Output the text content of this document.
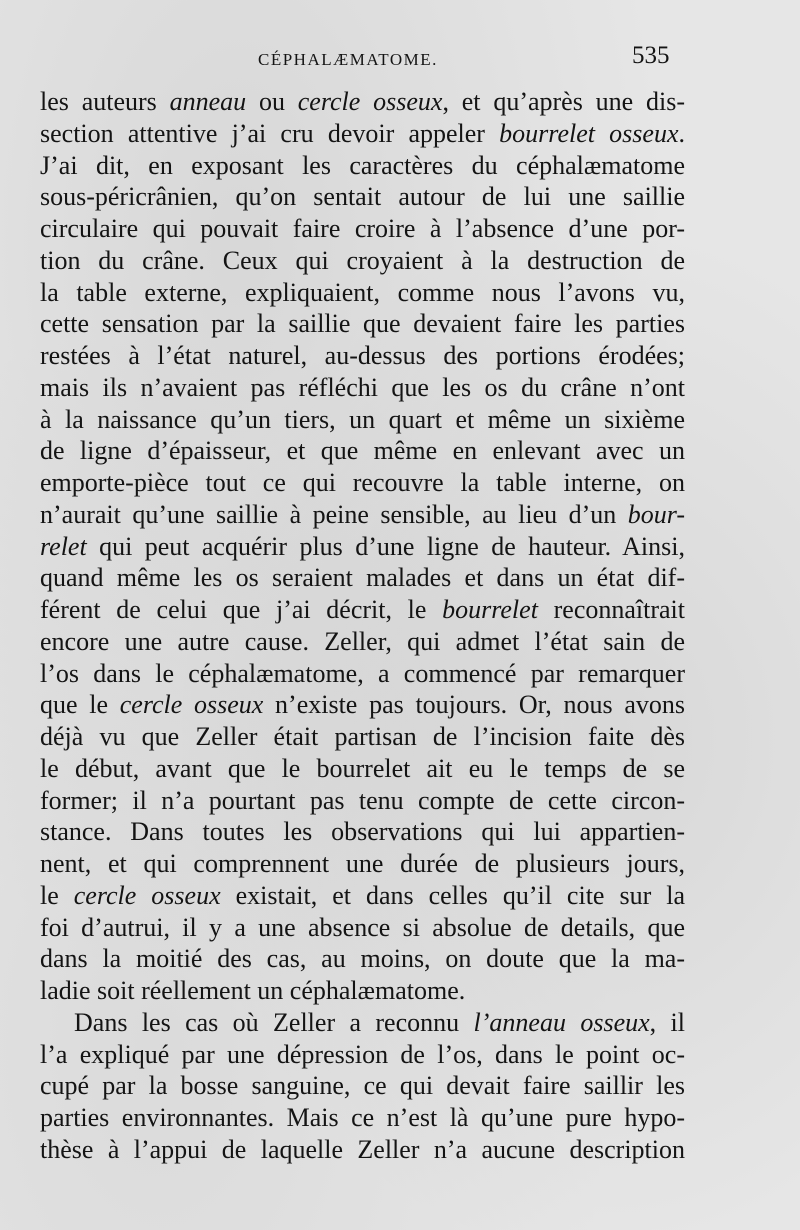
CÉPHALÆMATOME.	535
les auteurs anneau ou cercle osseux, et qu’après une dis-
section attentive j’ai cru devoir appeler bourrelet osseux.
J’ai dit, en exposant les caractères du céphalæmatome
sous-péricrânien, qu’on sentait autour de lui une saillie
circulaire qui pouvait faire croire à l’absence d’une por-
tion du crâne. Ceux qui croyaient à la destruction de
la table externe, expliquaient, comme nous l’avons vu,
cette sensation par la saillie que devaient faire les parties
restées à l’état naturel, au-dessus des portions érodées;
mais ils n’avaient pas réfléchi que les os du crâne n’ont
à la naissance qu’un tiers, un quart et même un sixième
de ligne d’épaisseur, et que même en enlevant avec un
emporte-pièce tout ce qui recouvre la table interne, on
n’aurait qu’une saillie à peine sensible, au lieu d’un bour-
relet qui peut acquérir plus d’une ligne de hauteur. Ainsi,
quand même les os seraient malades et dans un état dif-
férent de celui que j’ai décrit, le bourrelet reconnaîtrait
encore une autre cause. Zeller, qui admet l’état sain de
l’os dans le céphalæmatome, a commencé par remarquer
que le cercle osseux n’existe pas toujours. Or, nous avons
déjà vu que Zeller était partisan de l’incision faite dès
le début, avant que le bourrelet ait eu le temps de se
former; il n’a pourtant pas tenu compte de cette circon-
stance. Dans toutes les observations qui lui appartien-
nent, et qui comprennent une durée de plusieurs jours,
le cercle osseux existait, et dans celles qu’il cite sur la
foi d’autrui, il y a une absence si absolue de details, que
dans la moitié des cas, au moins, on doute que la ma-
ladie soit réellement un céphalæmatome.
Dans les cas où Zeller a reconnu l’anneau osseux, il
l’a expliqué par une dépression de l’os, dans le point oc-
cupé par la bosse sanguine, ce qui devait faire saillir les
parties environnantes. Mais ce n’est là qu’une pure hypo-
thèse à l’appui de laquelle Zeller n’a aucune description
